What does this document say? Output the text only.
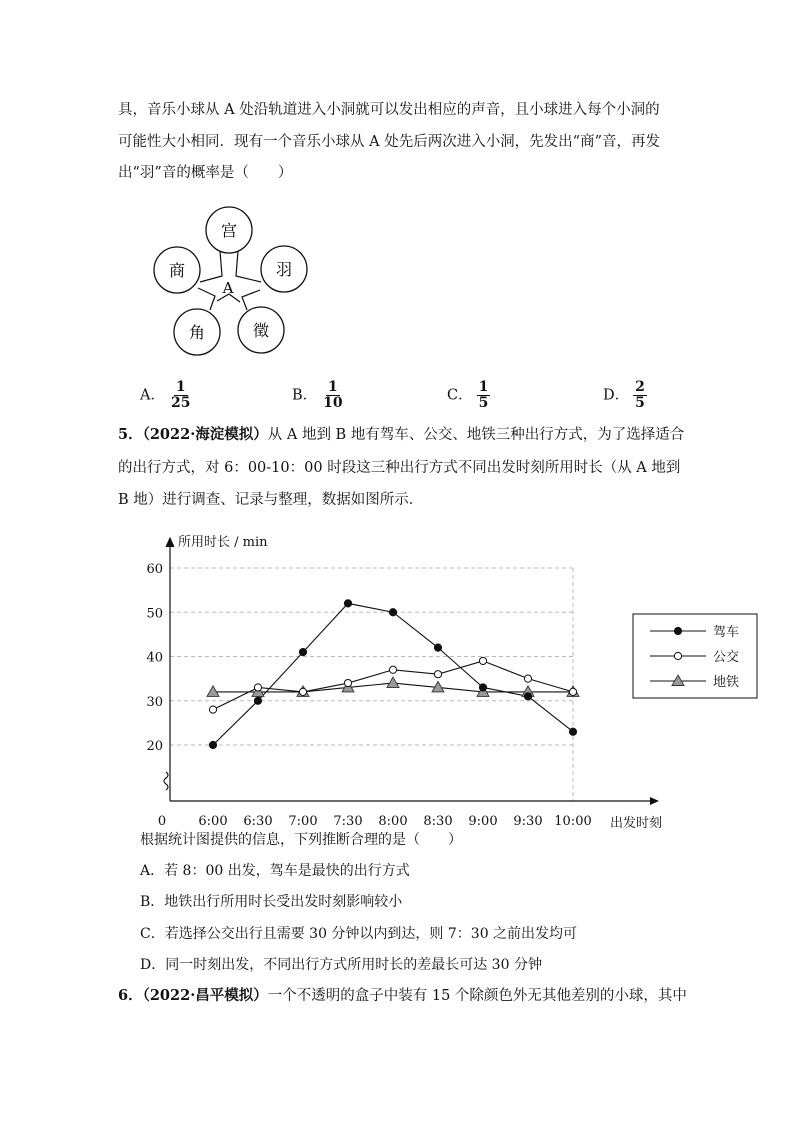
具，音乐小球从 A 处沿轨道进入小洞就可以发出相应的声音，且小球进入每个小洞的
可能性大小相同．现有一个音乐小球从 A 处先后两次进入小洞，先发出“商”音，再发
出“羽”音的概率是（　　）
宫
羽
徵
角
商
A
A． $\frac{1}{25}$	B． $\frac{1}{10}$	C． $\frac{1}{5}$	D． $\frac{2}{5}$
5．（2022·海淀模拟）从 A 地到 B 地有驾车、公交、地铁三种出行方式，为了选择适合
的出行方式，对 6：00-10：00 时段这三种出行方式不同出发时刻所用时长（从 A 地到
B 地）进行调查、记录与整理，数据如图所示．
20
30
40
50
60
0 6:00 6:30 7:00 7:30 8:00 8:30 9:00 9:30 10:00
所用时长 / min
出发时刻
驾车
公交
地铁
根据统计图提供的信息，下列推断合理的是（　　）
A．若 8：00 出发，驾车是最快的出行方式
B．地铁出行所用时长受出发时刻影响较小
C．若选择公交出行且需要 30 分钟以内到达，则 7：30 之前出发均可
D．同一时刻出发，不同出行方式所用时长的差最长可达 30 分钟
6．（2022·昌平模拟）一个不透明的盒子中装有 15 个除颜色外无其他差别的小球，其中
